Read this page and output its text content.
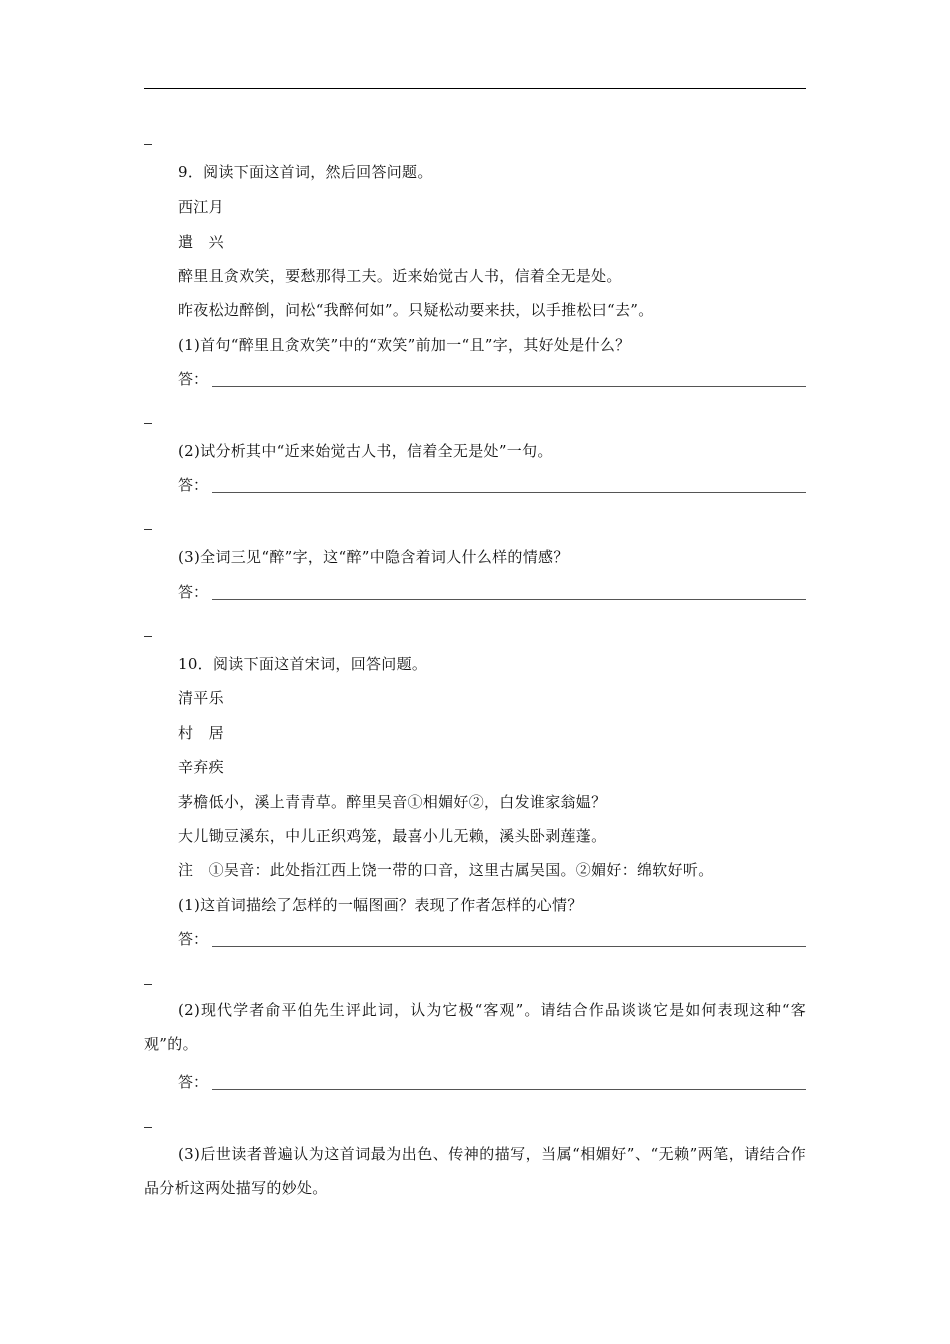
9．阅读下面这首词，然后回答问题。
西江月
遣　兴
醉里且贪欢笑，要愁那得工夫。近来始觉古人书，信着全无是处。
昨夜松边醉倒，问松“我醉何如”。只疑松动要来扶，以手推松曰“去”。
(1)首句“醉里且贪欢笑”中的“欢笑”前加一“且”字，其好处是什么？
答：
(2)试分析其中“近来始觉古人书，信着全无是处”一句。
答：
(3)全词三见“醉”字，这“醉”中隐含着词人什么样的情感？
答：
10．阅读下面这首宋词，回答问题。
清平乐
村　居
辛弃疾
茅檐低小，溪上青青草。醉里吴音①相媚好②，白发谁家翁媪？
大儿锄豆溪东，中儿正织鸡笼，最喜小儿无赖，溪头卧剥莲蓬。
注　①吴音：此处指江西上饶一带的口音，这里古属吴国。②媚好：绵软好听。
(1)这首词描绘了怎样的一幅图画？表现了作者怎样的心情？
答：
(2)现代学者俞平伯先生评此词，认为它极“客观”。请结合作品谈谈它是如何表现这种“客观”的。
答：
(3)后世读者普遍认为这首词最为出色、传神的描写，当属“相媚好”、“无赖”两笔，请结合作品分析这两处描写的妙处。
